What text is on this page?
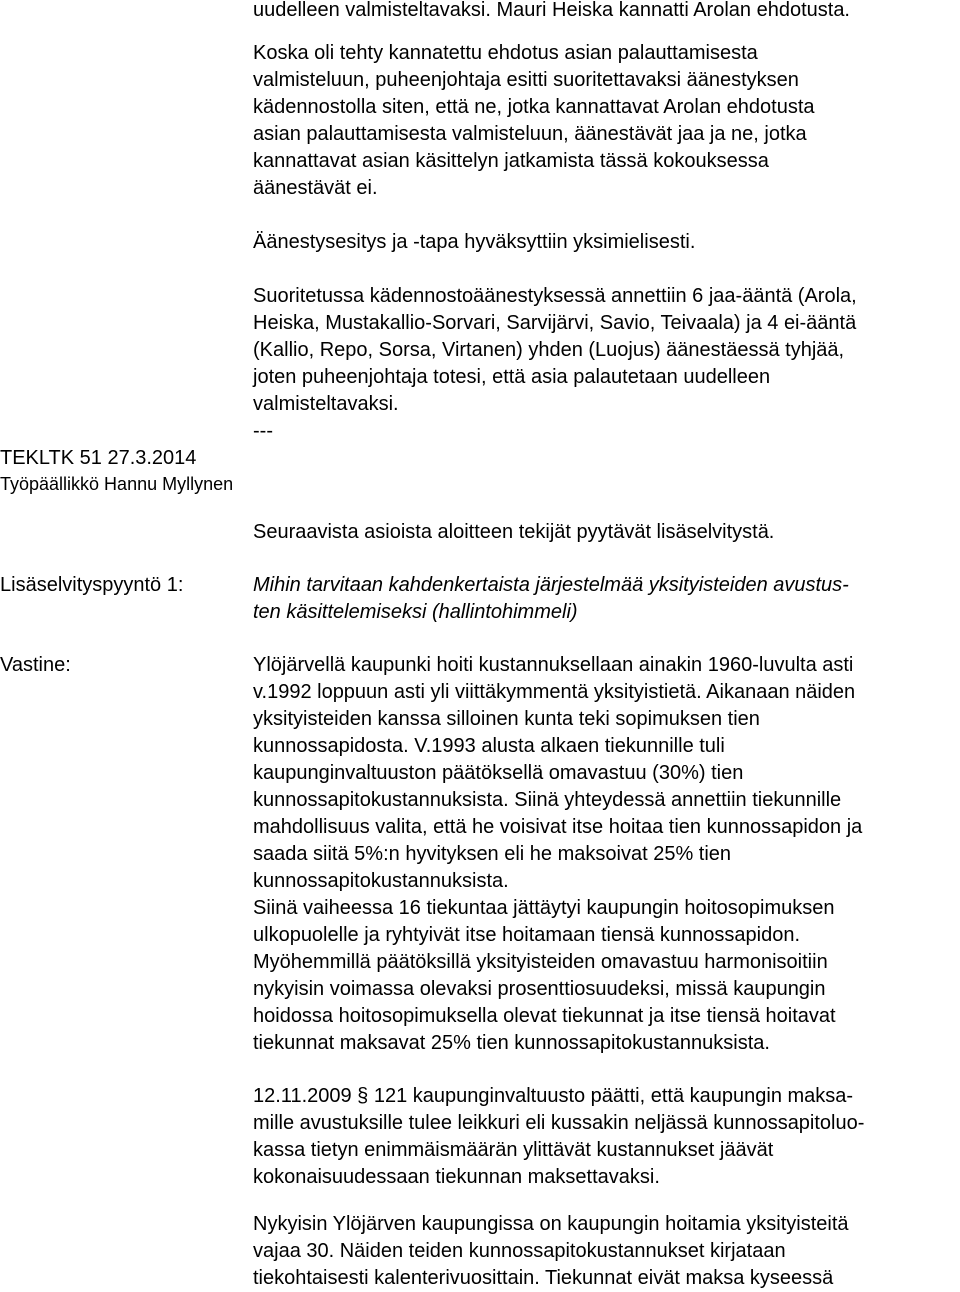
uudelleen valmisteltavaksi. Mauri Heiska kannatti Arolan ehdotusta.
Koska oli tehty kannatettu ehdotus asian palauttamisesta
valmisteluun, puheenjohtaja esitti suoritettavaksi äänestyksen
kädennostolla siten, että ne, jotka kannattavat Arolan ehdotusta
asian palauttamisesta valmisteluun, äänestävät jaa ja ne, jotka
kannattavat asian käsittelyn jatkamista tässä kokouksessa
äänestävät ei.
Äänestysesitys ja -tapa hyväksyttiin yksimielisesti.
Suoritetussa kädennostoäänestyksessä annettiin 6 jaa-ääntä (Arola,
Heiska, Mustakallio-Sorvari, Sarvijärvi, Savio, Teivaala) ja 4 ei-ääntä
(Kallio, Repo, Sorsa, Virtanen) yhden (Luojus) äänestäessä tyhjää,
joten puheenjohtaja totesi, että asia palautetaan uudelleen
valmisteltavaksi.
---
TEKLTK 51 27.3.2014
Työpäällikkö Hannu Myllynen
Seuraavista asioista aloitteen tekijät pyytävät lisäselvitystä.
Lisäselvityspyyntö 1:	Mihin tarvitaan kahdenkertaista järjestelmää yksityisteiden avustus-
ten käsittelemiseksi (hallintohimmeli)
Vastine:	Ylöjärvellä kaupunki hoiti kustannuksellaan ainakin 1960-luvulta asti
v.1992 loppuun asti yli viittäkymmentä yksityistietä. Aikanaan näiden
yksityisteiden kanssa silloinen kunta teki sopimuksen tien
kunnossapidosta. V.1993 alusta alkaen tiekunnille tuli
kaupunginvaltuuston päätöksellä omavastuu (30%) tien
kunnossapitokustannuksista. Siinä yhteydessä annettiin tiekunnille
mahdollisuus valita, että he voisivat itse hoitaa tien kunnossapidon ja
saada siitä 5%:n hyvityksen eli he maksoivat 25% tien
kunnossapitokustannuksista.
Siinä vaiheessa 16 tiekuntaa jättäytyi kaupungin hoitosopimuksen
ulkopuolelle ja ryhtyivät itse hoitamaan tiensä kunnossapidon.
Myöhemmillä päätöksillä yksityisteiden omavastuu harmonisoitiin
nykyisin voimassa olevaksi prosenttiosuudeksi, missä kaupungin
hoidossa hoitosopimuksella olevat tiekunnat ja itse tiensä hoitavat
tiekunnat maksavat 25% tien kunnossapitokustannuksista.
12.11.2009 § 121 kaupunginvaltuusto päätti, että kaupungin maksa-
mille avustuksille tulee leikkuri eli kussakin neljässä kunnossapitoluo-
kassa tietyn enimmäismäärän ylittävät kustannukset jäävät
kokonaisuudessaan tiekunnan maksettavaksi.
Nykyisin Ylöjärven kaupungissa on kaupungin hoitamia yksityisteitä
vajaa 30. Näiden teiden kunnossapitokustannukset kirjataan
tiekohtaisesti kalenterivuosittain. Tiekunnat eivät maksa kyseessä
